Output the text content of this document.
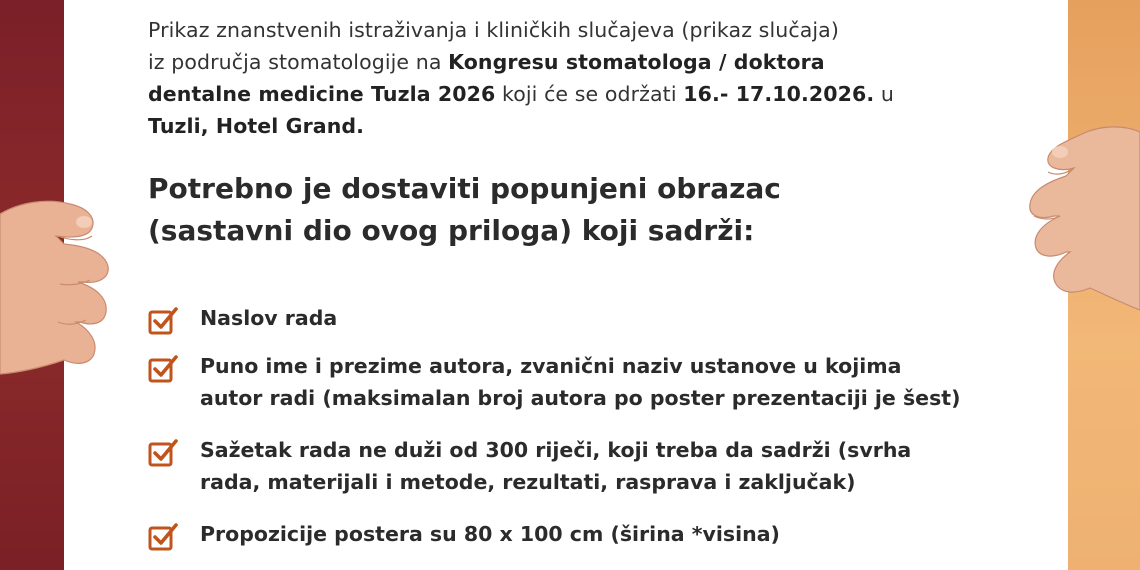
Prikaz znanstvenih istraživanja i kliničkih slučajeva (prikaz slučaja)
iz područja stomatologije na Kongresu stomatologa / doktora
dentalne medicine Tuzla 2026 koji će se održati 16.- 17.10.2026. u
Tuzli, Hotel Grand.
Potrebno je dostaviti popunjeni obrazac
(sastavni dio ovog priloga) koji sadrži:
Naslov rada
Puno ime i prezime autora, zvanični naziv ustanove u kojima
autor radi (maksimalan broj autora po poster prezentaciji je šest)
Sažetak rada ne duži od 300 riječi, koji treba da sadrži (svrha
rada, materijali i metode, rezultati, rasprava i zaključak)
Propozicije postera su 80 x 100 cm (širina *visina)
